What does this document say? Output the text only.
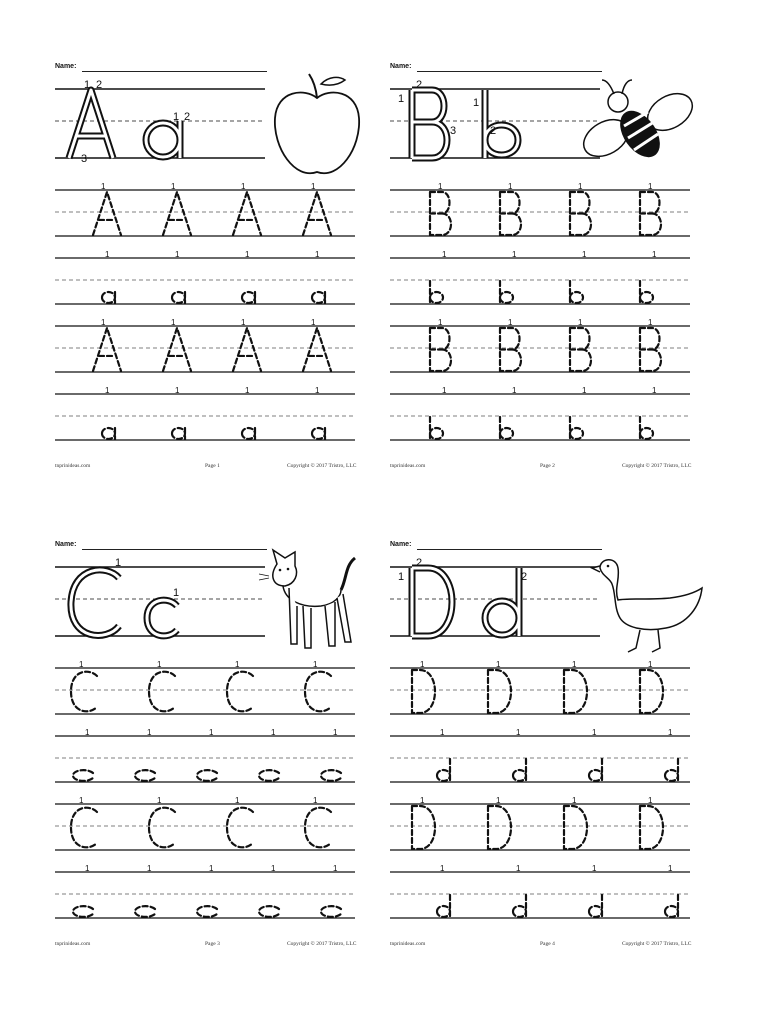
Name:
1 2
3
1 2
1	1	1	1
1	1	1	1
1	1	1	1
1	1	1	1
tnprinideas.com	Page 1	Copyright © 2017 Tristro, LLC
Name:
1
2
3
1
2
1	1	1	1
1	1	1	1
1	1	1	1
1	1	1	1
tnprinideas.com	Page 2	Copyright © 2017 Tristro, LLC
Name:
1
1
1	1	1	1
1	1	1	1	1
1	1	1	1
1	1	1	1	1
tnprinideas.com	Page 3	Copyright © 2017 Tristro, LLC
Name:
1
2
2
1	1	1	1
1	1	1	1
1	1	1	1
1	1	1	1
tnprinideas.com	Page 4	Copyright © 2017 Tristro, LLC
